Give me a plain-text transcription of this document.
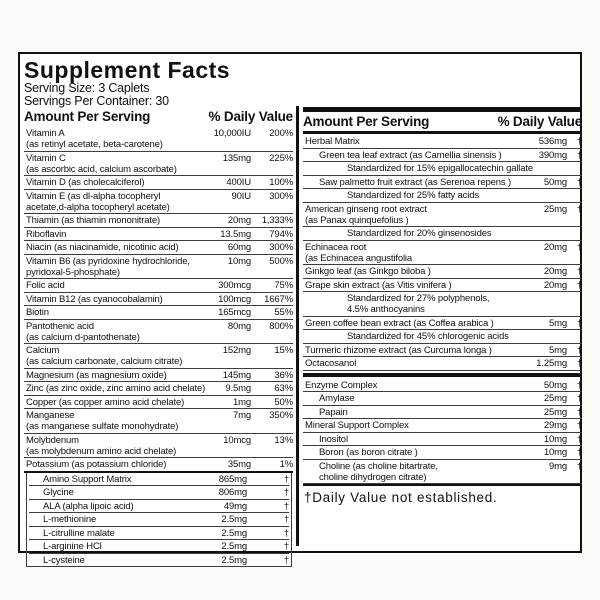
Supplement Facts
Serving Size: 3 Caplets
Servings Per Container: 30
Amount Per Serving	% Daily Value
Vitamin A
(as retinyl acetate, beta-carotene)
10,000IU	200%
Vitamin C
(as ascorbic acid, calcium ascorbate)
135mg	225%
Vitamin D (as cholecalciferol)	400IU	100%
Vitamin E (as dl-alpha tocopheryl
acetate,d-alpha tocopheryl acetate)
90IU	300%
Thiamin (as thiamin mononitrate)	20mg	1,333%
Riboflavin	13.5mg	794%
Niacin (as niacinamide, nicotinic acid)	60mg	300%
Vitamin B6 (as pyridoxine hydrochloride,
pyridoxal-5-phosphate)
10mg	500%
Folic acid	300mcg	75%
Vitamin B12 (as cyanocobalamin)	100mcg	1667%
Biotin	165mcg	55%
Pantothenic acid
(as calcium d-pantothenate)
80mg	800%
Calcium
(as calcium carbonate, calcium citrate)
152mg	15%
Magnesium (as magnesium oxide)	145mg	36%
Zinc (as zinc oxide, zinc amino acid chelate)	9.5mg	63%
Copper (as copper amino acid chelate)	1mg	50%
Manganese
(as manganese sulfate monohydrate)
7mg	350%
Molybdenum
(as molybdenum amino acid chelate)
10mcg	13%
Potassium (as potassium chloride)	35mg	1%
Amino Support Matrix	865mg	†
Glycine	806mg	†
ALA (alpha lipoic acid)	49mg	†
L-methionine	2.5mg	†
L-citrulline malate	2.5mg	†
L-arginine HCl	2.5mg	†
L-cysteine	2.5mg	†
Amount Per Serving	% Daily Value
Herbal Matrix	536mg	†
Green tea leaf extract (as Camellia sinensis )	390mg	†
Standardized for 15% epigallocatechin gallate
Saw palmetto fruit extract (as Serenoa repens )	50mg	†
Standardized for 25% fatty acids
American ginseng root extract
(as Panax quinquefolius )
25mg	†
Standardized for 20% ginsenosides
Echinacea root
(as Echinacea angustifolia
20mg	†
Ginkgo leaf (as Ginkgo biloba )	20mg	†
Grape skin extract (as Vitis vinifera )	20mg	†
Standardized for 27% polyphenols,
4.5% anthocyanins
Green coffee bean extract (as Coffea arabica )	5mg	†
Standardized for 45% chlorogenic acids
Turmeric rhizome extract (as Curcuma longa )	5mg	†
Octacosanol	1.25mg	†
Enzyme Complex	50mg	†
Amylase	25mg	†
Papain	25mg	†
Mineral Support Complex	29mg	†
Inositol	10mg	†
Boron (as boron citrate )	10mg	†
Choline (as choline bitartrate,
choline dihydrogen citrate)
9mg	†
†Daily Value not established.
